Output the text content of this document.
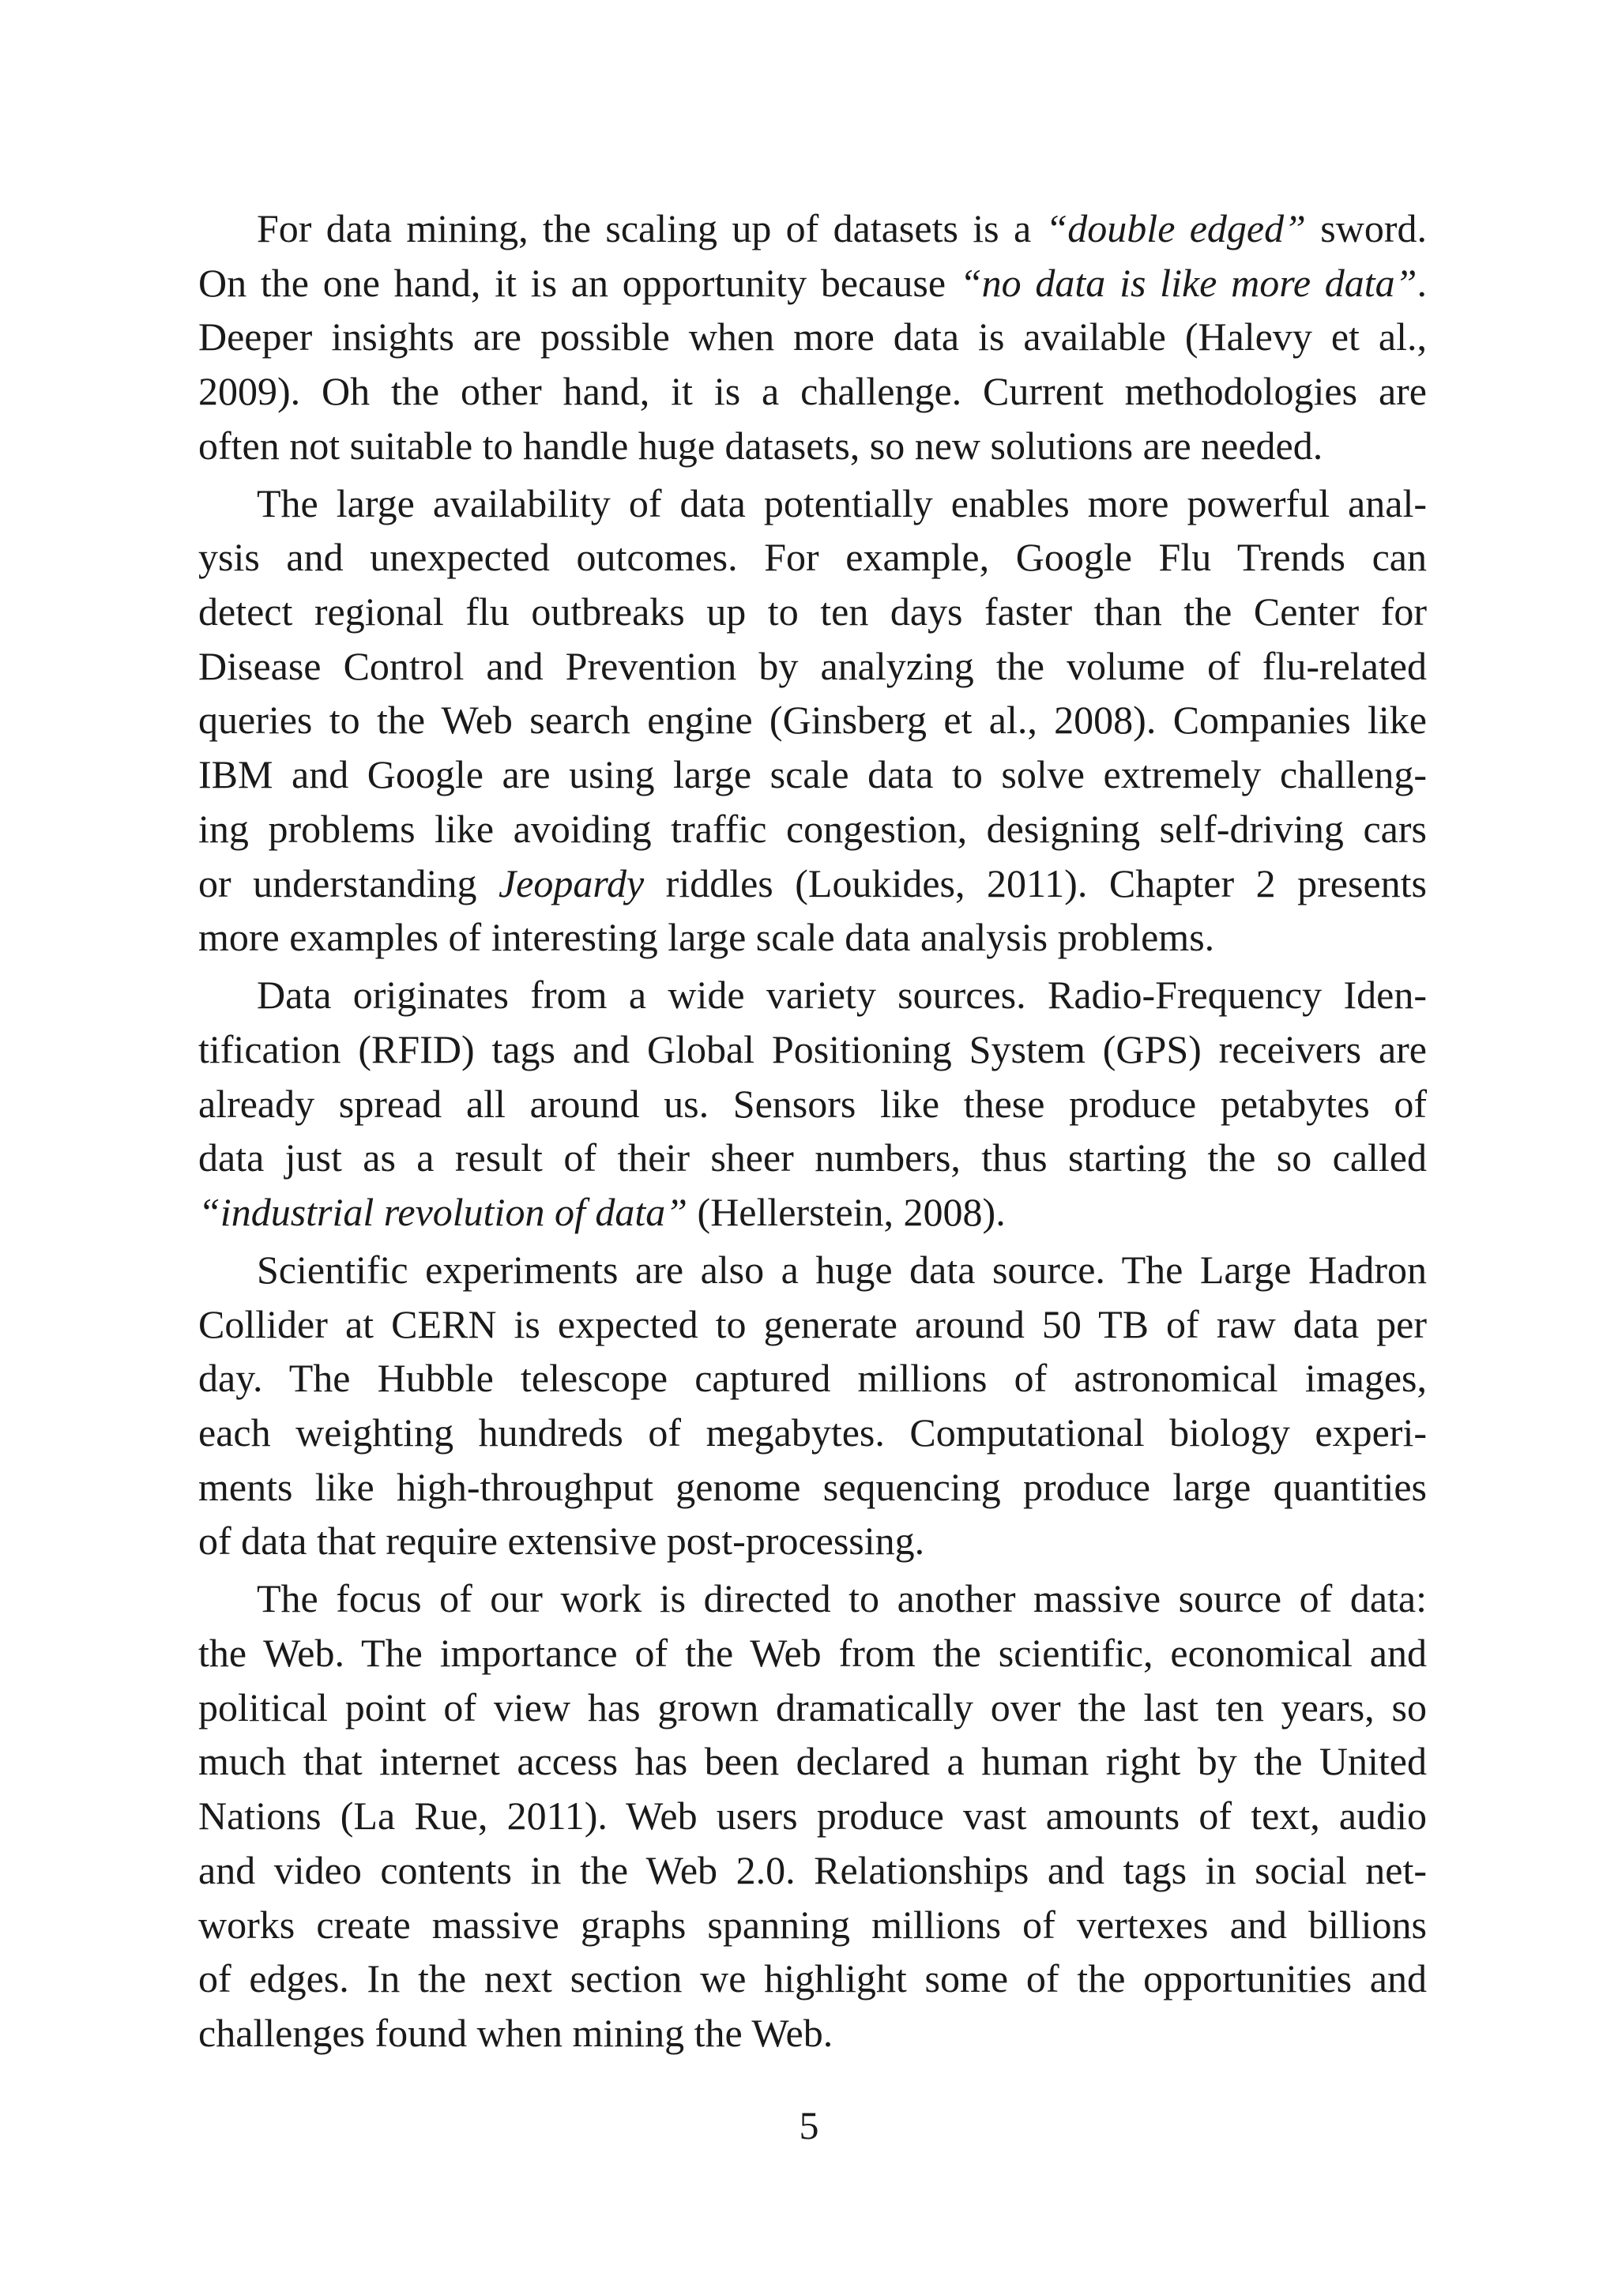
For data mining, the scaling up of datasets is a “double edged” sword.
On the one hand, it is an opportunity because “no data is like more data”.
Deeper insights are possible when more data is available (Halevy et al.,
2009). Oh the other hand, it is a challenge. Current methodologies are
often not suitable to handle huge datasets, so new solutions are needed.
The large availability of data potentially enables more powerful anal-
ysis and unexpected outcomes. For example, Google Flu Trends can
detect regional flu outbreaks up to ten days faster than the Center for
Disease Control and Prevention by analyzing the volume of flu-related
queries to the Web search engine (Ginsberg et al., 2008). Companies like
IBM and Google are using large scale data to solve extremely challeng-
ing problems like avoiding traffic congestion, designing self-driving cars
or understanding Jeopardy riddles (Loukides, 2011). Chapter 2 presents
more examples of interesting large scale data analysis problems.
Data originates from a wide variety sources. Radio-Frequency Iden-
tification (RFID) tags and Global Positioning System (GPS) receivers are
already spread all around us. Sensors like these produce petabytes of
data just as a result of their sheer numbers, thus starting the so called
“industrial revolution of data” (Hellerstein, 2008).
Scientific experiments are also a huge data source. The Large Hadron
Collider at CERN is expected to generate around 50 TB of raw data per
day. The Hubble telescope captured millions of astronomical images,
each weighting hundreds of megabytes. Computational biology experi-
ments like high-throughput genome sequencing produce large quantities
of data that require extensive post-processing.
The focus of our work is directed to another massive source of data:
the Web. The importance of the Web from the scientific, economical and
political point of view has grown dramatically over the last ten years, so
much that internet access has been declared a human right by the United
Nations (La Rue, 2011). Web users produce vast amounts of text, audio
and video contents in the Web 2.0. Relationships and tags in social net-
works create massive graphs spanning millions of vertexes and billions
of edges. In the next section we highlight some of the opportunities and
challenges found when mining the Web.
5
